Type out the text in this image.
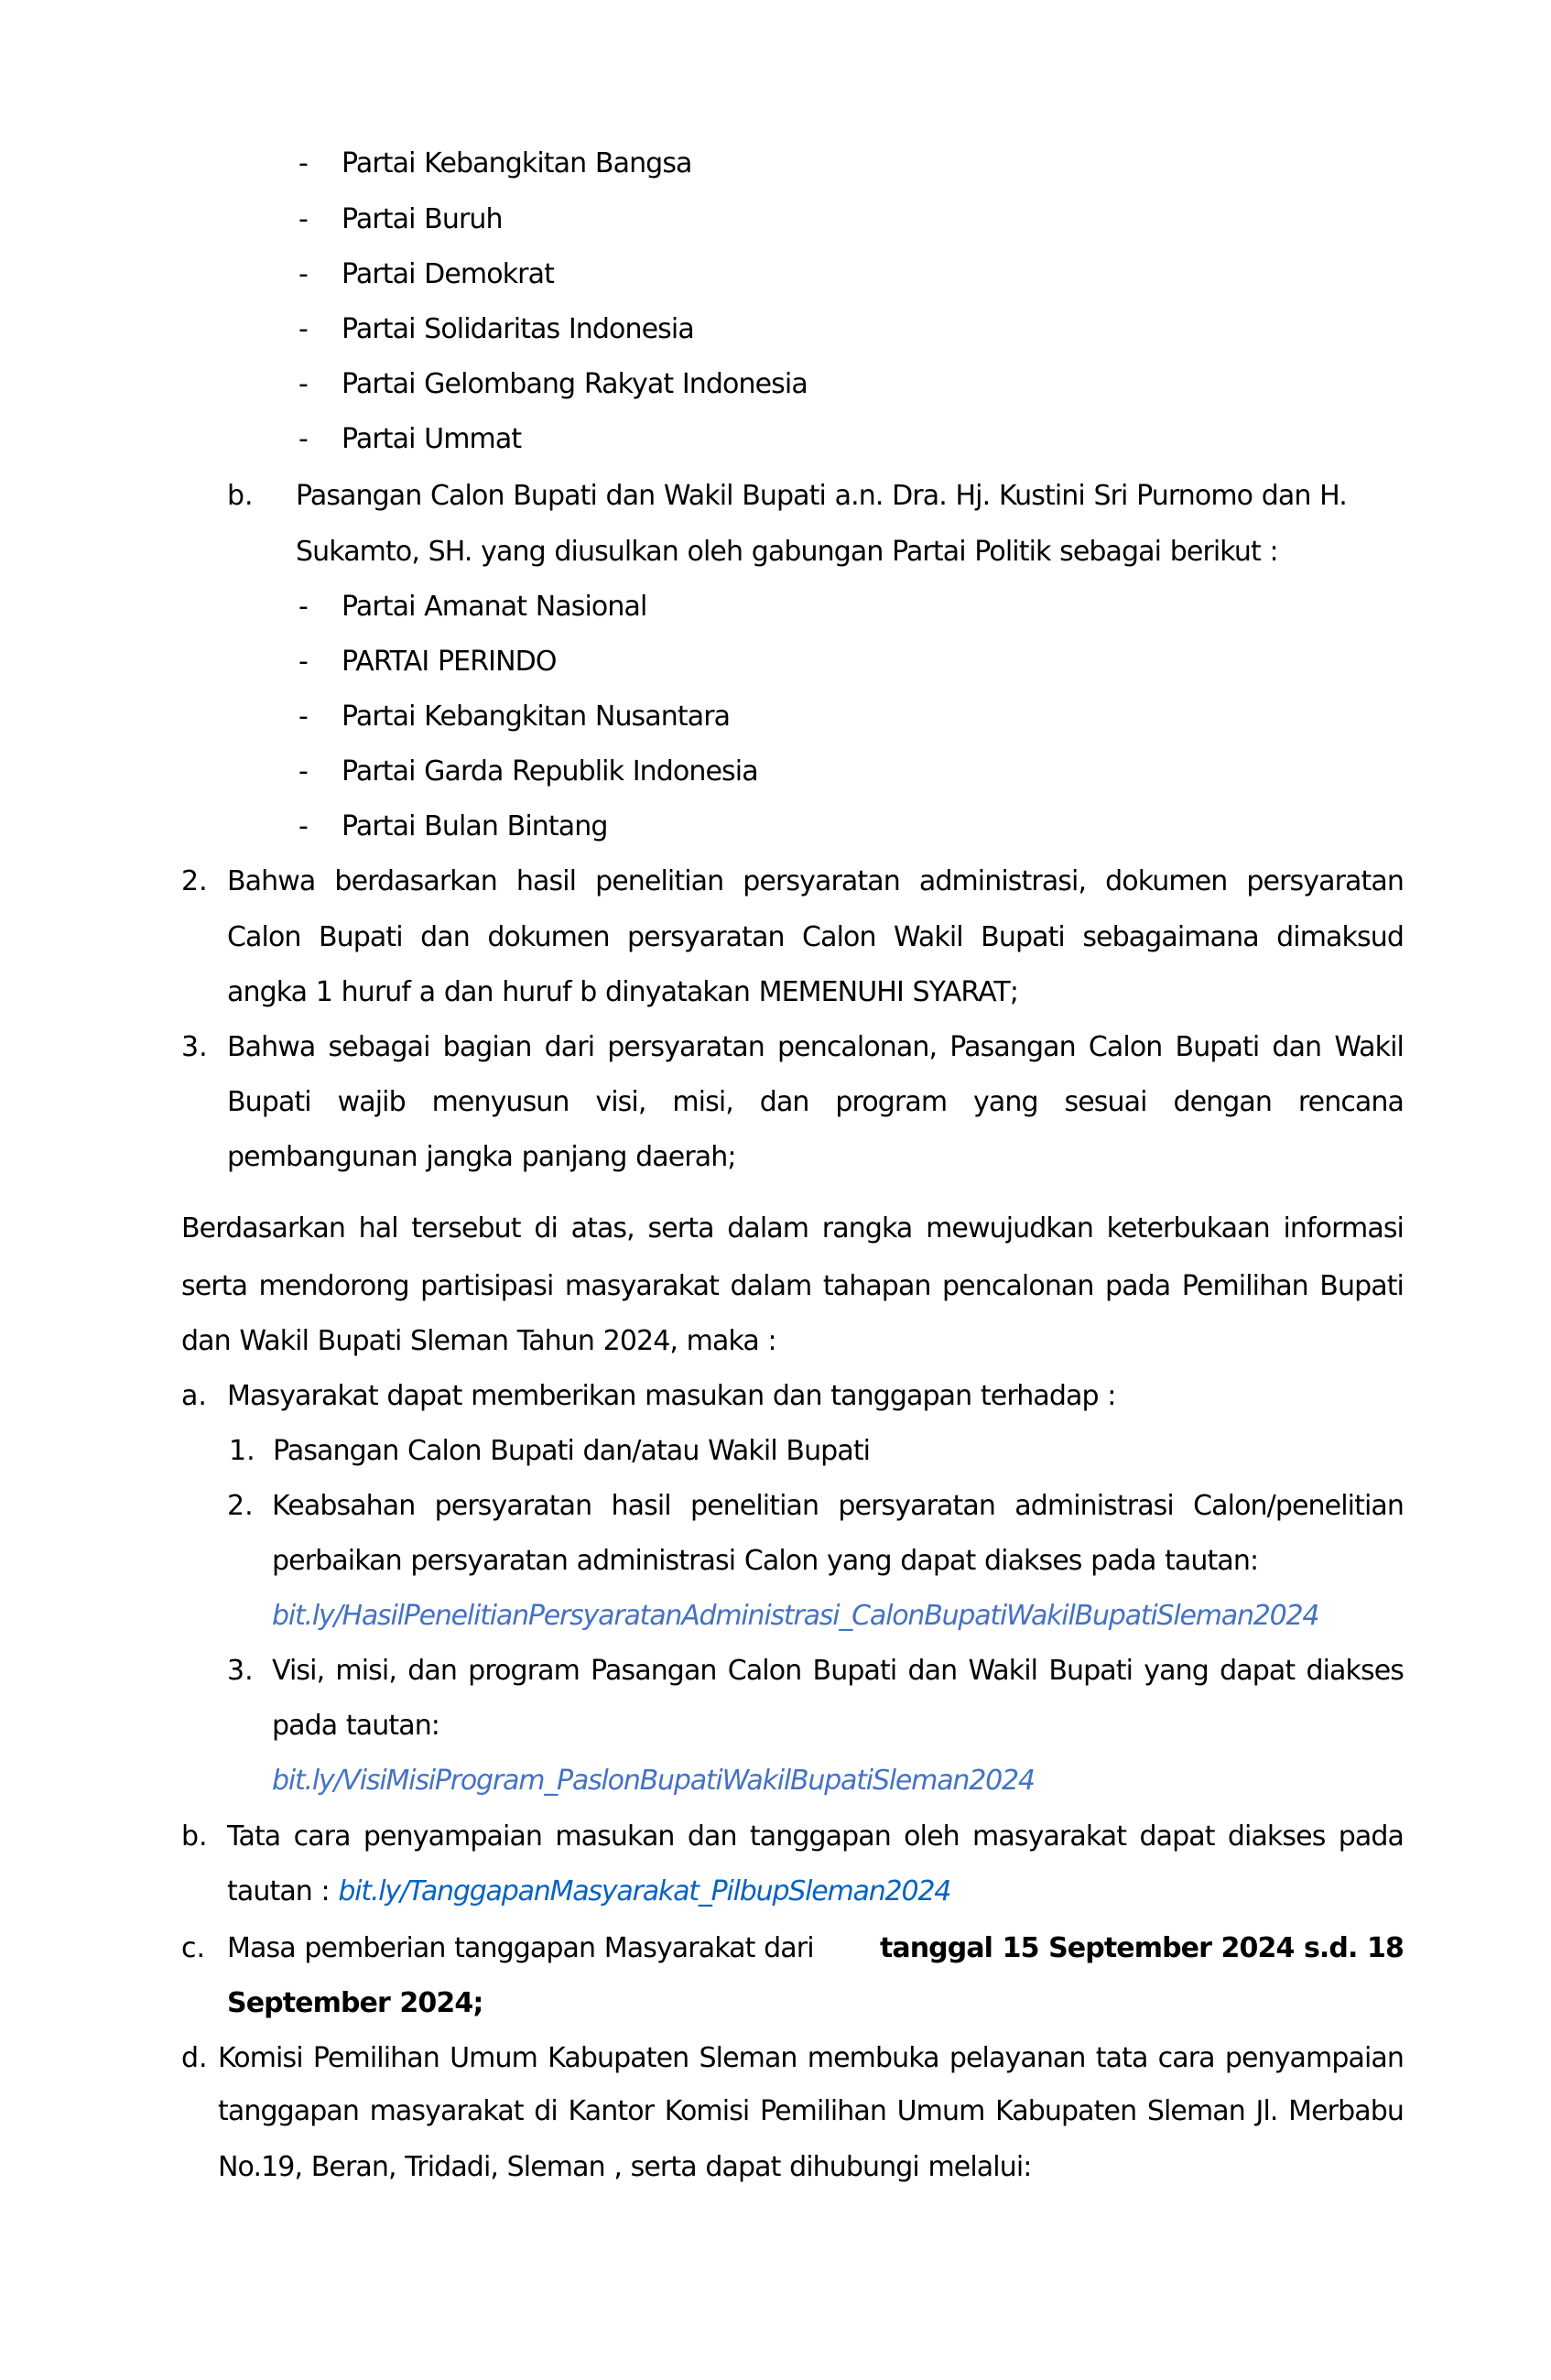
- Partai Kebangkitan Bangsa
- Partai Buruh
- Partai Demokrat
- Partai Solidaritas Indonesia
- Partai Gelombang Rakyat Indonesia
- Partai Ummat
b. Pasangan Calon Bupati dan Wakil Bupati a.n. Dra. Hj. Kustini Sri Purnomo dan H.
Sukamto, SH. yang diusulkan oleh gabungan Partai Politik sebagai berikut :
- Partai Amanat Nasional
- PARTAI PERINDO
- Partai Kebangkitan Nusantara
- Partai Garda Republik Indonesia
- Partai Bulan Bintang
2. Bahwa berdasarkan hasil penelitian persyaratan administrasi, dokumen persyaratan
Calon Bupati dan dokumen persyaratan Calon Wakil Bupati sebagaimana dimaksud
angka 1 huruf a dan huruf b dinyatakan MEMENUHI SYARAT;
3. Bahwa sebagai bagian dari persyaratan pencalonan, Pasangan Calon Bupati dan Wakil
Bupati wajib menyusun visi, misi, dan program yang sesuai dengan rencana
pembangunan jangka panjang daerah;
Berdasarkan hal tersebut di atas, serta dalam rangka mewujudkan keterbukaan informasi
serta mendorong partisipasi masyarakat dalam tahapan pencalonan pada Pemilihan Bupati
dan Wakil Bupati Sleman Tahun 2024, maka :
a. Masyarakat dapat memberikan masukan dan tanggapan terhadap :
1. Pasangan Calon Bupati dan/atau Wakil Bupati
2. Keabsahan persyaratan hasil penelitian persyaratan administrasi Calon/penelitian
perbaikan persyaratan administrasi Calon yang dapat diakses pada tautan:
bit.ly/HasilPenelitianPersyaratanAdministrasi_CalonBupatiWakilBupatiSleman2024
3. Visi, misi, dan program Pasangan Calon Bupati dan Wakil Bupati yang dapat diakses
pada tautan:
bit.ly/VisiMisiProgram_PaslonBupatiWakilBupatiSleman2024
b. Tata cara penyampaian masukan dan tanggapan oleh masyarakat dapat diakses pada
tautan : bit.ly/TanggapanMasyarakat_PilbupSleman2024
c. Masa pemberian tanggapan Masyarakat dari tanggal 15 September 2024 s.d. 18
September 2024;
d. Komisi Pemilihan Umum Kabupaten Sleman membuka pelayanan tata cara penyampaian
tanggapan masyarakat di Kantor Komisi Pemilihan Umum Kabupaten Sleman Jl. Merbabu
No.19, Beran, Tridadi, Sleman , serta dapat dihubungi melalui:
